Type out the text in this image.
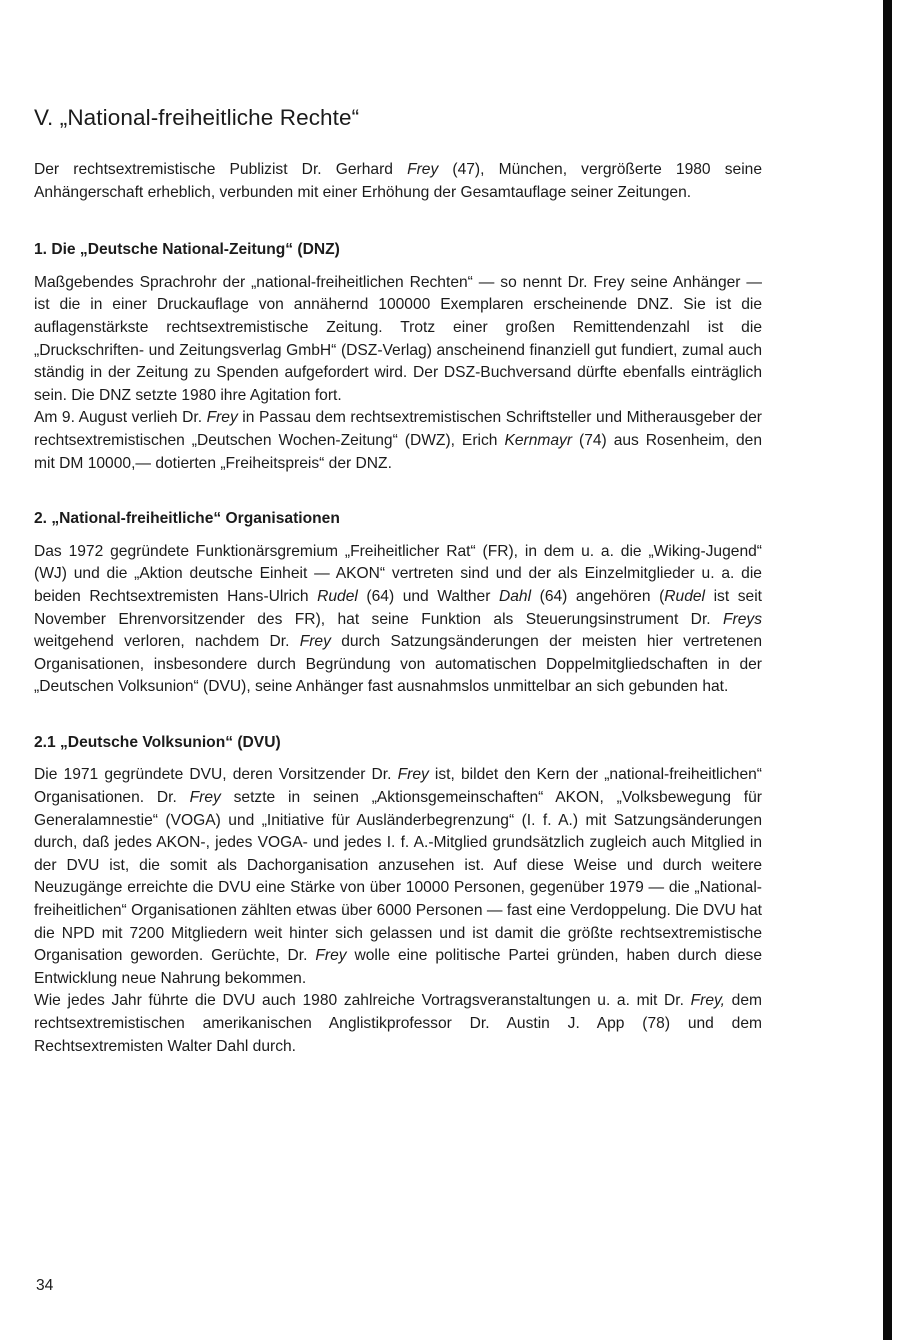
V. „National-freiheitliche Rechte“

Der rechtsextremistische Publizist Dr. Gerhard Frey (47), München, vergrößerte 1980 seine Anhängerschaft erheblich, verbunden mit einer Erhöhung der Gesamtauflage seiner Zeitungen.

1. Die „Deutsche National-Zeitung“ (DNZ)

Maßgebendes Sprachrohr der „national-freiheitlichen Rechten“ — so nennt Dr. Frey seine Anhänger — ist die in einer Druckauflage von annähernd 100000 Exemplaren erscheinende DNZ. Sie ist die auflagenstärkste rechtsextremistische Zeitung. Trotz einer großen Remittendenzahl ist die „Druckschriften- und Zeitungsverlag GmbH“ (DSZ-Verlag) anscheinend finanziell gut fundiert, zumal auch ständig in der Zeitung zu Spenden aufgefordert wird. Der DSZ-Buchversand dürfte ebenfalls einträglich sein. Die DNZ setzte 1980 ihre Agitation fort.

Am 9. August verlieh Dr. Frey in Passau dem rechtsextremistischen Schriftsteller und Mitherausgeber der rechtsextremistischen „Deutschen Wochen-Zeitung“ (DWZ), Erich Kernmayr (74) aus Rosenheim, den mit DM 10000,— dotierten „Freiheitspreis“ der DNZ.

2. „National-freiheitliche“ Organisationen

Das 1972 gegründete Funktionärsgremium „Freiheitlicher Rat“ (FR), in dem u. a. die „Wiking-Jugend“ (WJ) und die „Aktion deutsche Einheit — AKON“ vertreten sind und der als Einzelmitglieder u. a. die beiden Rechtsextremisten Hans-Ulrich Rudel (64) und Walther Dahl (64) angehören (Rudel ist seit November Ehrenvorsitzender des FR), hat seine Funktion als Steuerungsinstrument Dr. Freys weitgehend verloren, nachdem Dr. Frey durch Satzungsänderungen der meisten hier vertretenen Organisationen, insbesondere durch Begründung von automatischen Doppelmitgliedschaften in der „Deutschen Volksunion“ (DVU), seine Anhänger fast ausnahmslos unmittelbar an sich gebunden hat.

2.1 „Deutsche Volksunion“ (DVU)

Die 1971 gegründete DVU, deren Vorsitzender Dr. Frey ist, bildet den Kern der „national-freiheitlichen“ Organisationen. Dr. Frey setzte in seinen „Aktionsgemeinschaften“ AKON, „Volksbewegung für Generalamnestie“ (VOGA) und „Initiative für Ausländerbegrenzung“ (I. f. A.) mit Satzungsänderungen durch, daß jedes AKON-, jedes VOGA- und jedes I. f. A.-Mitglied grundsätzlich zugleich auch Mitglied in der DVU ist, die somit als Dachorganisation anzusehen ist. Auf diese Weise und durch weitere Neuzugänge erreichte die DVU eine Stärke von über 10000 Personen, gegenüber 1979 — die „National-freiheitlichen“ Organisationen zählten etwas über 6000 Personen — fast eine Verdoppelung. Die DVU hat die NPD mit 7200 Mitgliedern weit hinter sich gelassen und ist damit die größte rechtsextremistische Organisation geworden. Gerüchte, Dr. Frey wolle eine politische Partei gründen, haben durch diese Entwicklung neue Nahrung bekommen.

Wie jedes Jahr führte die DVU auch 1980 zahlreiche Vortragsveranstaltungen u. a. mit Dr. Frey, dem rechtsextremistischen amerikanischen Anglistikprofessor Dr. Austin J. App (78) und dem Rechtsextremisten Walter Dahl durch.

34
